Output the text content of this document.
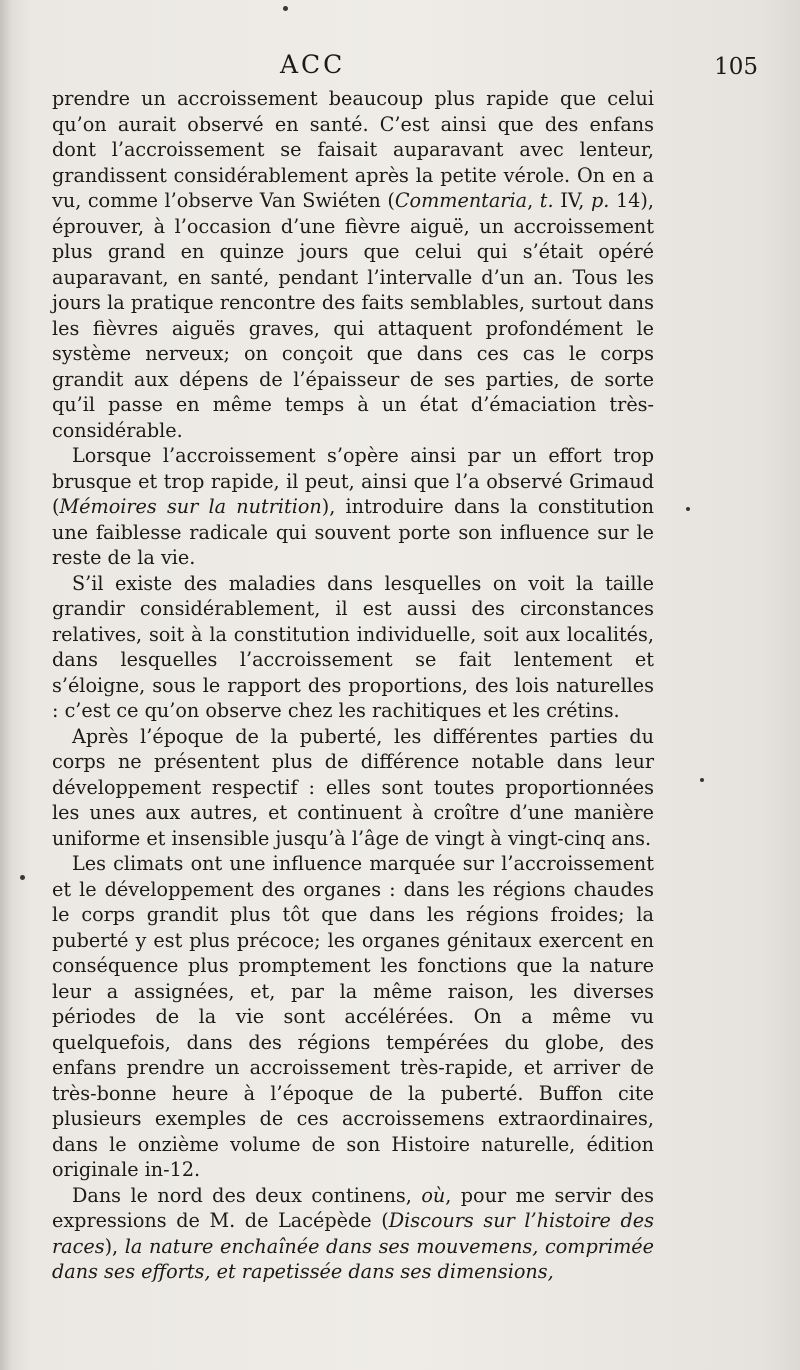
ACC	105

prendre un accroissement beaucoup plus rapide que celui qu’on aurait observé en santé. C’est ainsi que des enfans dont l’accroissement se faisait auparavant avec lenteur, grandissent considérablement après la petite vérole. On en a vu, comme l’observe Van Swiéten (Commentaria, t. IV, p. 14), éprouver, à l’occasion d’une fièvre aiguë, un accroissement plus grand en quinze jours que celui qui s’était opéré auparavant, en santé, pendant l’intervalle d’un an. Tous les jours la pratique rencontre des faits semblables, surtout dans les fièvres aiguës graves, qui attaquent profondément le système nerveux; on conçoit que dans ces cas le corps grandit aux dépens de l’épaisseur de ses parties, de sorte qu’il passe en même temps à un état d’émaciation très-considérable.

Lorsque l’accroissement s’opère ainsi par un effort trop brusque et trop rapide, il peut, ainsi que l’a observé Grimaud (Mémoires sur la nutrition), introduire dans la constitution une faiblesse radicale qui souvent porte son influence sur le reste de la vie.

S’il existe des maladies dans lesquelles on voit la taille grandir considérablement, il est aussi des circonstances relatives, soit à la constitution individuelle, soit aux localités, dans lesquelles l’accroissement se fait lentement et s’éloigne, sous le rapport des proportions, des lois naturelles : c’est ce qu’on observe chez les rachitiques et les crétins.

Après l’époque de la puberté, les différentes parties du corps ne présentent plus de différence notable dans leur développement respectif : elles sont toutes proportionnées les unes aux autres, et continuent à croître d’une manière uniforme et insensible jusqu’à l’âge de vingt à vingt-cinq ans.

Les climats ont une influence marquée sur l’accroissement et le développement des organes : dans les régions chaudes le corps grandit plus tôt que dans les régions froides; la puberté y est plus précoce; les organes génitaux exercent en conséquence plus promptement les fonctions que la nature leur a assignées, et, par la même raison, les diverses périodes de la vie sont accélérées. On a même vu quelquefois, dans des régions tempérées du globe, des enfans prendre un accroissement très-rapide, et arriver de très-bonne heure à l’époque de la puberté. Buffon cite plusieurs exemples de ces accroissemens extraordinaires, dans le onzième volume de son Histoire naturelle, édition originale in-12.

Dans le nord des deux continens, où, pour me servir des expressions de M. de Lacépède (Discours sur l’histoire des races), la nature enchaînée dans ses mouvemens, comprimée dans ses efforts, et rapetissée dans ses dimensions,
